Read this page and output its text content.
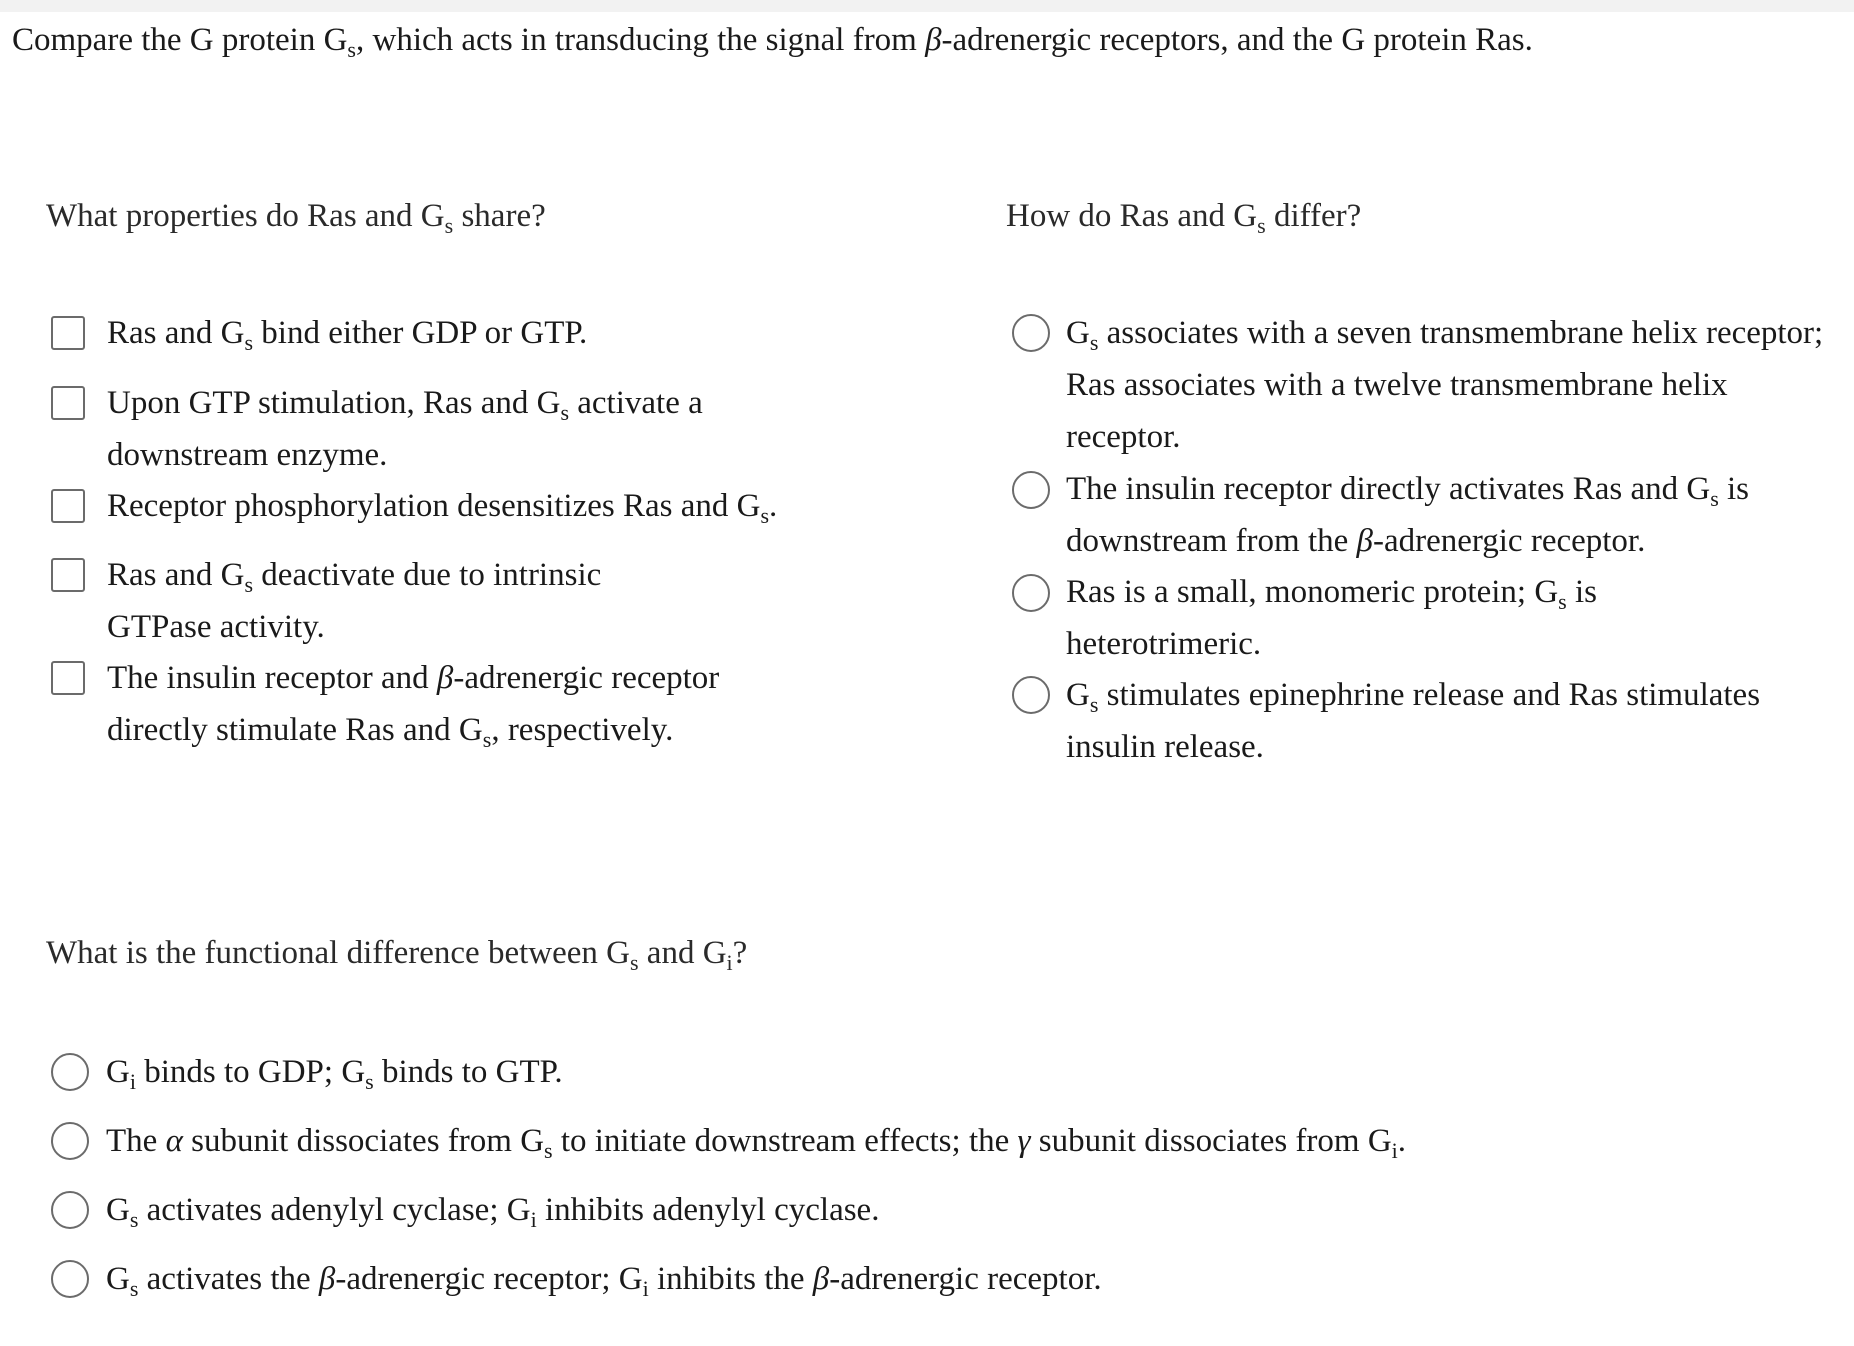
Compare the G protein $G_s$, which acts in transducing the signal from β-adrenergic receptors, and the G protein Ras.
What properties do Ras and $G_s$ share?
Ras and $G_s$ bind either GDP or GTP.
Upon GTP stimulation, Ras and $G_s$ activate a downstream enzyme.
Receptor phosphorylation desensitizes Ras and $G_s$.
Ras and $G_s$ deactivate due to intrinsic GTPase activity.
The insulin receptor and β-adrenergic receptor directly stimulate Ras and $G_s$, respectively.
How do Ras and $G_s$ differ?
$G_s$ associates with a seven transmembrane helix receptor; Ras associates with a twelve transmembrane helix receptor.
The insulin receptor directly activates Ras and $G_s$ is downstream from the β-adrenergic receptor.
Ras is a small, monomeric protein; $G_s$ is heterotrimeric.
$G_s$ stimulates epinephrine release and Ras stimulates insulin release.
What is the functional difference between $G_s$ and $G_i$?
$G_i$ binds to GDP; $G_s$ binds to GTP.
The α subunit dissociates from $G_s$ to initiate downstream effects; the γ subunit dissociates from $G_i$.
$G_s$ activates adenylyl cyclase; $G_i$ inhibits adenylyl cyclase.
$G_s$ activates the β-adrenergic receptor; $G_i$ inhibits the β-adrenergic receptor.
